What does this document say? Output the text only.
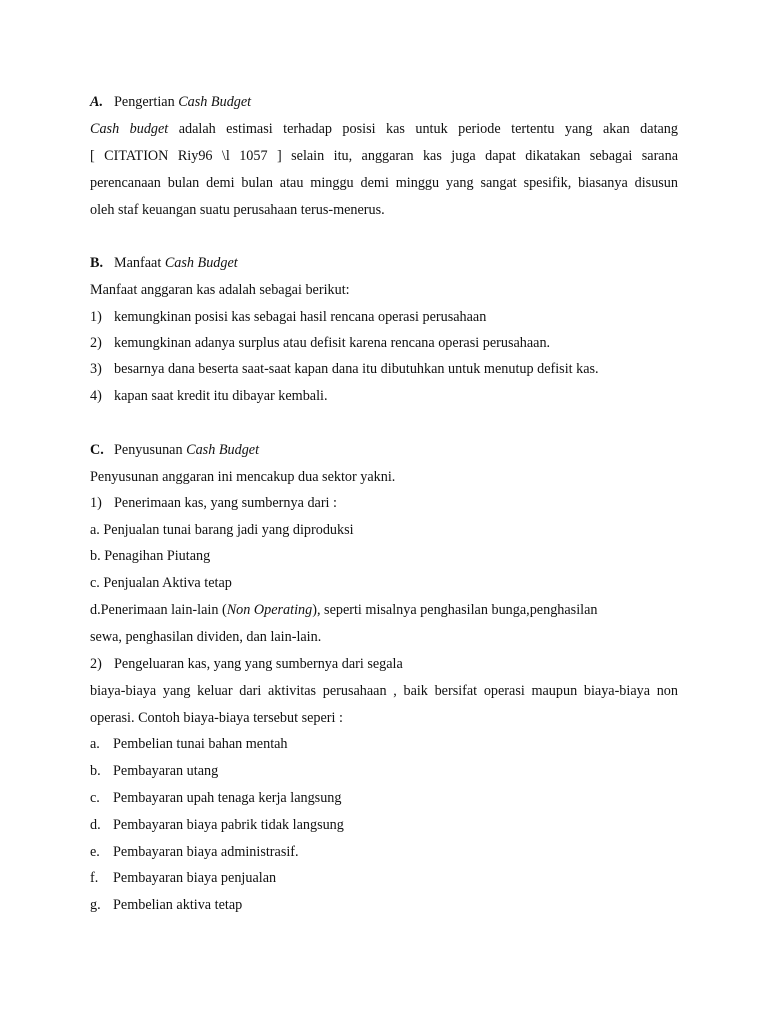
A. Pengertian Cash Budget
Cash budget adalah estimasi terhadap posisi kas untuk periode tertentu yang akan datang
[ CITATION Riy96 \l 1057 ] selain itu, anggaran kas juga dapat dikatakan sebagai sarana
perencanaan bulan demi bulan atau minggu demi minggu yang sangat spesifik, biasanya disusun
oleh staf keuangan suatu perusahaan terus-menerus.
B. Manfaat Cash Budget
Manfaat anggaran kas adalah sebagai berikut:
1) kemungkinan posisi kas sebagai hasil rencana operasi perusahaan
2) kemungkinan adanya surplus atau defisit karena rencana operasi perusahaan.
3) besarnya dana beserta saat-saat kapan dana itu dibutuhkan untuk menutup defisit kas.
4) kapan saat kredit itu dibayar kembali.
C. Penyusunan Cash Budget
Penyusunan anggaran ini mencakup dua sektor yakni.
1) Penerimaan kas, yang sumbernya dari :
a. Penjualan tunai barang jadi yang diproduksi
b. Penagihan Piutang
c. Penjualan Aktiva tetap
d.Penerimaan lain-lain (Non Operating), seperti misalnya penghasilan bunga,penghasilan
sewa, penghasilan dividen, dan lain-lain.
2) Pengeluaran kas, yang yang sumbernya dari segala
biaya-biaya yang keluar dari aktivitas perusahaan , baik bersifat operasi maupun biaya-biaya non
operasi. Contoh biaya-biaya tersebut seperi :
a. Pembelian tunai bahan mentah
b. Pembayaran utang
c. Pembayaran upah tenaga kerja langsung
d. Pembayaran biaya pabrik tidak langsung
e. Pembayaran biaya administrasif.
f. Pembayaran biaya penjualan
g. Pembelian aktiva tetap
